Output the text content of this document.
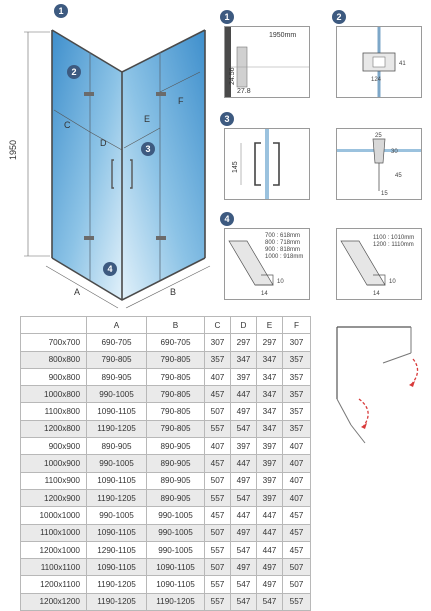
1950
A	B
C
D
E
F
1
2
3
4
1
1950mm
24.56
27.8
2
41
124
3
145
25
30
45
15
4
700 : 618mm
800 : 718mm
900 : 818mm
1000 : 918mm
10
14
1100 : 1010mm
1200 : 1110mm
10
14
	A	B	C	D	E	F
700x700	690-705	690-705	307	297	297	307
800x800	790-805	790-805	357	347	347	357
900x800	890-905	790-805	407	397	347	357
1000x800	990-1005	790-805	457	447	347	357
1100x800	1090-1105	790-805	507	497	347	357
1200x800	1190-1205	790-805	557	547	347	357
900x900	890-905	890-905	407	397	397	407
1000x900	990-1005	890-905	457	447	397	407
1100x900	1090-1105	890-905	507	497	397	407
1200x900	1190-1205	890-905	557	547	397	407
1000x1000	990-1005	990-1005	457	447	447	457
1100x1000	1090-1105	990-1005	507	497	447	457
1200x1000	1290-1105	990-1005	557	547	447	457
1100x1100	1090-1105	1090-1105	507	497	497	507
1200x1100	1190-1205	1090-1105	557	547	497	507
1200x1200	1190-1205	1190-1205	557	547	547	557
